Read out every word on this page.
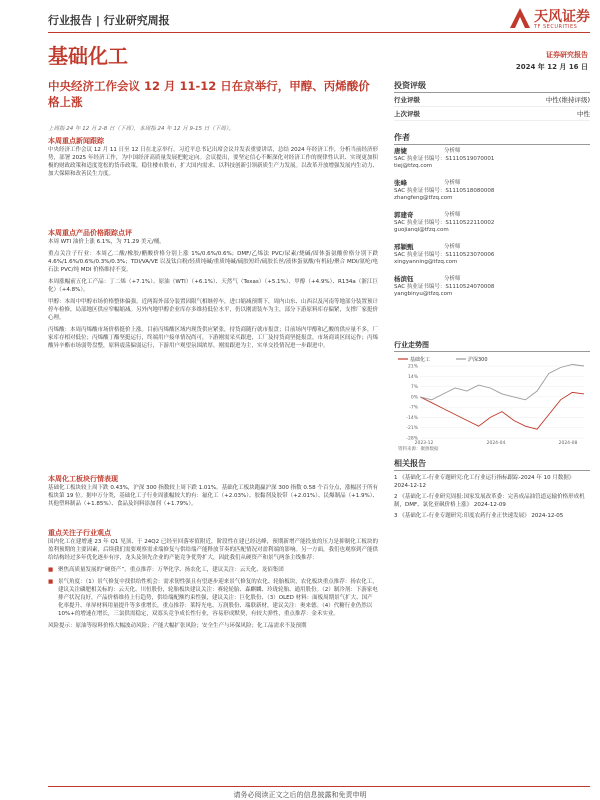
行业报告 | 行业研究周报	天风证券
TF SECURITIES
基础化工	证券研究报告
2024 年 12 月 16 日
中央经济工作会议 12 月 11-12 日在京举行，甲醇、丙烯酸价格上涨
上周指 24 年 12 月 2-8 日（下周），本周指 24 年 12 月 9-15 日（下周）。
投资评级
行业评级	中性(维持评级)
上次评级	中性
作者
唐婕	分析师
SAC 执业证书编号：S1110519070001
tiej@tfzq.com
张峰	分析师
SAC 执业证书编号：S1110518080008
zhangfeng@tfzq.com
郭建奇	分析师
SAC 执业证书编号：S1110522110002
guojianqi@tfzq.com
邢颖甄	分析师
SAC 执业证书编号：S1110523070006
xingyanning@tfzq.com
杨滨钰	分析师
SAC 执业证书编号：S1110524070008
yangbinyu@tfzq.com
行业走势图
基础化工	沪深300
21%
14%
7%
0%
-7%
-14%
-21%
-28%
2023-12	2024-04	2024-08
资料来源：聚源数据
相关报告
1 《基础化工-行业专题研究:化工行业运行指标跟踪-2024 年 10 月数据》 2024-12-12
2 《基础化工-行业研究周报:国家发展改革委：完善成品油管道运输价格形成机制，DMF、氯化亚砜价格上涨》 2024-12-09
3 《基础化工-行业专题研究:印度农药行业正快速发展》 2024-12-05
本周重点新闻跟踪
中央经济工作会议 12 月 11 日至 12 日在北京举行。习近平总书记出席会议并发表重要讲话，总结 2024 年经济工作，分析当前经济形势，部署 2025 年经济工作，为中国经济高质量发展把舵定向。会议提出，要坚定信心不断深化对经济工作的规律性认识、实现更加积极的财政政策和适度宽松的货币政策，稳住楼市股市，扩大国内需求、以科技创新引领新质生产力发展。以改革开放增强发展内生动力、加大保障和改善民生力度。
本周重点产品价格跟踪点评
本周 WTI 油价上涨 6.1%，为 71.29 美元/桶。
重点关注子行业：本周乙二酸/橡胶/醋酸价格分别上涨 1%/0.6%/0.6%；DMF/乙烯法 PVC/尿素/烧碱/固体蛋氨酸价格分别下跌 4.6%/1.6%/0.6%/0.3%/0.3%；TDI/VA/VE 以及钛白粉/轻质纯碱/重质纯碱/硫胶短纤/硫胶长丝/液体蛋氨酸/有机硅/聚合 MDI/氨纶/电石法 PVC/纯 MDI 价格维持不变。
本周涨幅前五化工产品：丁二烯（+7.1%）、原油（WTI）（+6.1%）、天然气（Texas）（+5.1%）、甲醇（+4.9%）、R134a（浙江巨化）（+4.8%）。
甲醇：本周中甲醇市场价格整体偏强。近两海外部分装置因限气相继停车，进口缩减预期下，周内山东、山西以及河南等地部分装置预计停车检修，局部地区供应窄幅缩减。另外内地甲醇企业库存多维持低位水平，仍以刚需装车为主，部分下游原料库存偏紧，支撑厂家挺价心理。
丙烯酸：本周丙烯酸市场价格挺价上涨。目前丙烯酸区域内现货供应紧张，持货商随行就市报盘；目前场内甲醇和乙酸的供应量不多，厂家库存相对低位；丙烯酸丁酯坚挺运行，终端用户接单情况尚可，下游刚需采买跟进，工厂及持货商坚挺报盘，市场商谈区间运作；丙烯酸异辛酯市场弱势盘整，原料震荡偏弱运行，下游用户观望氛围浓厚，刚需跟进为主，实单交投情况进一步跟进中。
本周化工板块行情表现
基础化工板块较上周下跌 0.43%，沪深 300 指数较上周下跌 1.01%。基础化工板块跑赢沪深 300 指数 0.58 个百分点，涨幅居于所有板块第 19 位。据申万分类，基础化工子行业周涨幅较大的有：氟化工（+2.03%）、胶黏剂及胶带（+2.01%）、民爆制品（+1.9%）、其他塑料制品（+1.85%）、食品及饲料添加剂（+1.79%）。
重点关注子行业观点
国内化工在建增速 23 年 Q1 见顶、于 24Q2 已经至回落零值附近，阶段性在建已经达峰，预期新增产能投放的压力是抑制化工板块的盈利预期的主要因素，后续我们需要观察需求端修复与供给端产能释放节奏的匹配情况对盈利端的影响。另一方面，我们也观察到产能供给结构经过多年优化逐步有序，龙头及领先企业的产能竞争优势扩大，因此我们从硬资产和景气两条主线推荐：
■ 聚焦高质量发展的“硬资产”。重点推荐：万华化学、扬农化工，建议关注：云天化、龙佰集团
■ 景气角度：（1）景气修复中找供给性机会：需求韧性强且有望逐步迎来景气修复的农化、轮胎板块，农化板块重点推荐：扬农化工，建议关注磷肥相关标的：云天化、川恒股份，轮胎板块建议关注：赛轮轮胎、森麒麟、玲珑轮胎、通用股份。（2）制冷剂：下游家电排产状况良好，产品价格维持上行趋势，供给端配额约束性强，建议关注：巨化股份、（3）OLED 材料：面板周期景气扩大、国产化率提升、单屏材料用量提升等多重增长，重点推荐：莱特光电、万润股份、瑞联新材，建议关注：奥来德。（4）代糖行业仍然以 10%+的增速在增长，三氯供需稳定，双寡头竞争成长性行业，容易形成默契，有较大弹性，重点推荐：金禾实业。
风险提示：原油等原料价格大幅波动风险；产能大幅扩张风险；安全生产与环保风险；化工品需求不及预期
请务必阅读正文之后的信息披露和免责申明
